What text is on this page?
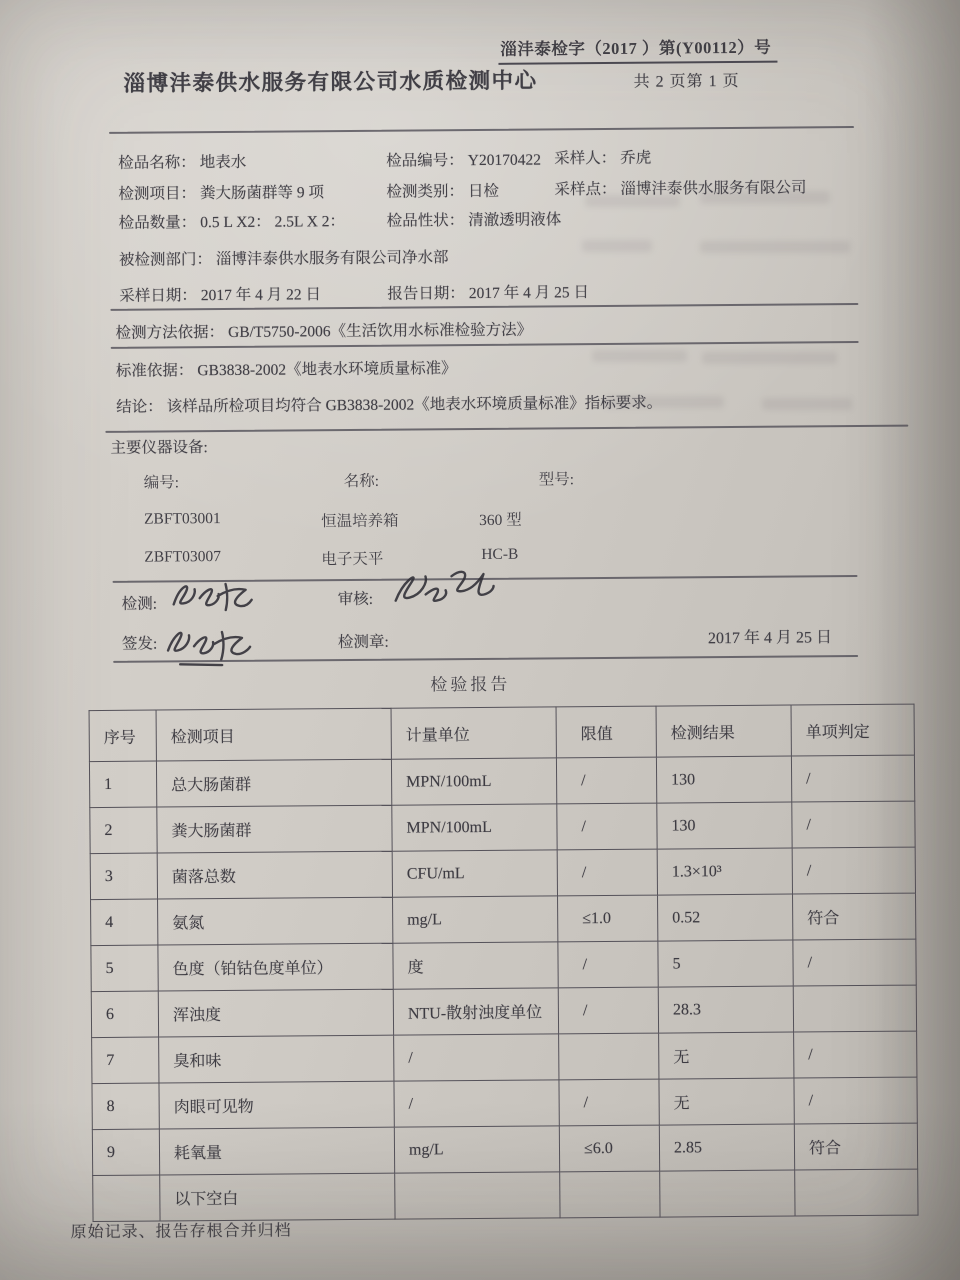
淄沣泰检字（2017 ）第(Y00112）号
共 2 页第 1 页
淄博沣泰供水服务有限公司水质检测中心
检品名称： 地表水	检品编号： Y20170422 采样人： 乔虎
检测项目： 粪大肠菌群等 9 项	检测类别： 日检	采样点： 淄博沣泰供水服务有限公司
检品数量： 0.5 L X2： 2.5L X 2：	检品性状： 清澈透明液体
被检测部门： 淄博沣泰供水服务有限公司净水部
采样日期： 2017 年 4 月 22 日	报告日期： 2017 年 4 月 25 日
检测方法依据： GB/T5750-2006《生活饮用水标准检验方法》
标准依据： GB3838-2002《地表水环境质量标准》
结论： 该样品所检项目均符合 GB3838-2002《地表水环境质量标准》指标要求。
主要仪器设备:
编号:	名称:	型号:
ZBFT03001	恒温培养箱	360 型
ZBFT03007	电子天平	HC-B
检测:	审核:
签发:	检测章:	2017 年 4 月 25 日
检验报告
序号	检测项目	计量单位	限值	检测结果	单项判定
1	总大肠菌群	MPN/100mL	/	130	/
2	粪大肠菌群	MPN/100mL	/	130	/
3	菌落总数	CFU/mL	/	1.3×10³	/
4	氨氮	mg/L	≤1.0	0.52	符合
5	色度（铂钴色度单位）	度	/	5	/
6	浑浊度	NTU-散射浊度单位	/	28.3	
7	臭和味	/		无	/
8	肉眼可见物	/	/	无	/
9	耗氧量	mg/L	≤6.0	2.85	符合
	以下空白				
原始记录、报告存根合并归档
